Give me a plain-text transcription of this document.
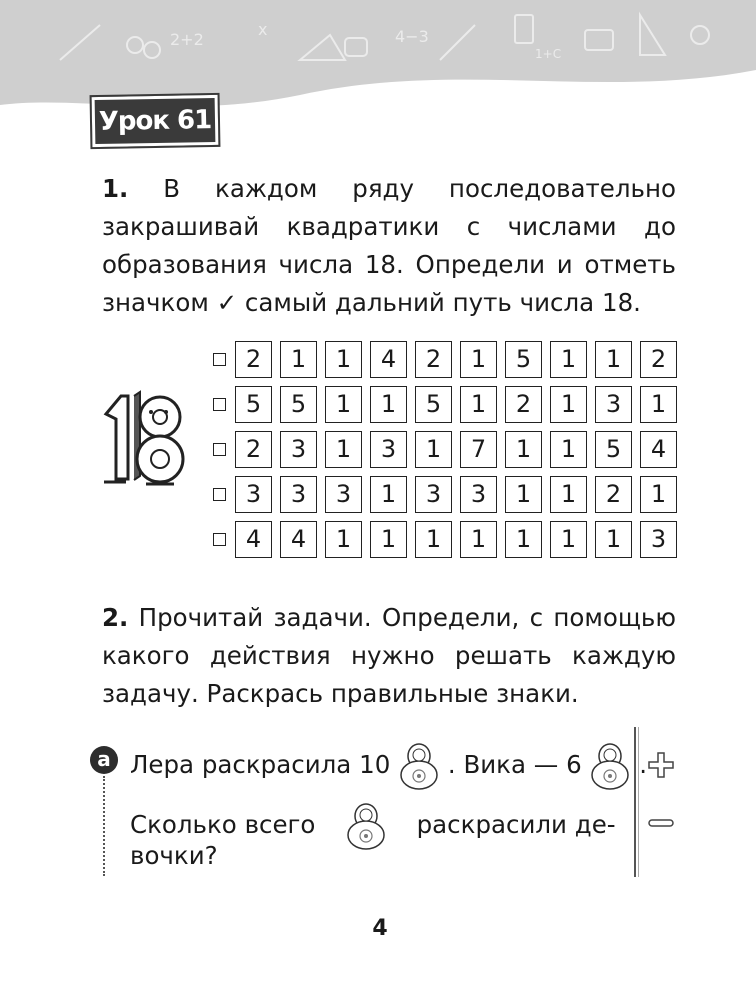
2+2
x	4−3
1+C
Урок 61

1. В каждом ряду последовательно закрашивай квадратики с числами до образования числа 18. Определи и отметь значком ✓ самый дальний путь числа 18.

2	1	1	4	2	1	5	1	1	2
5	5	1	1	5	1	2	1	3	1
2	3	1	3	1	7	1	1	5	4
3	3	3	1	3	3	1	1	2	1
4	4	1	1	1	1	1	1	1	3

2. Прочитай задачи. Определи, с помощью какого действия нужно решать каждую задачу. Раскрась правильные знаки.

а Лера раскрасила 10 . Вика — 6 .
Сколько всего	раскрасили де-
вочки?
4
